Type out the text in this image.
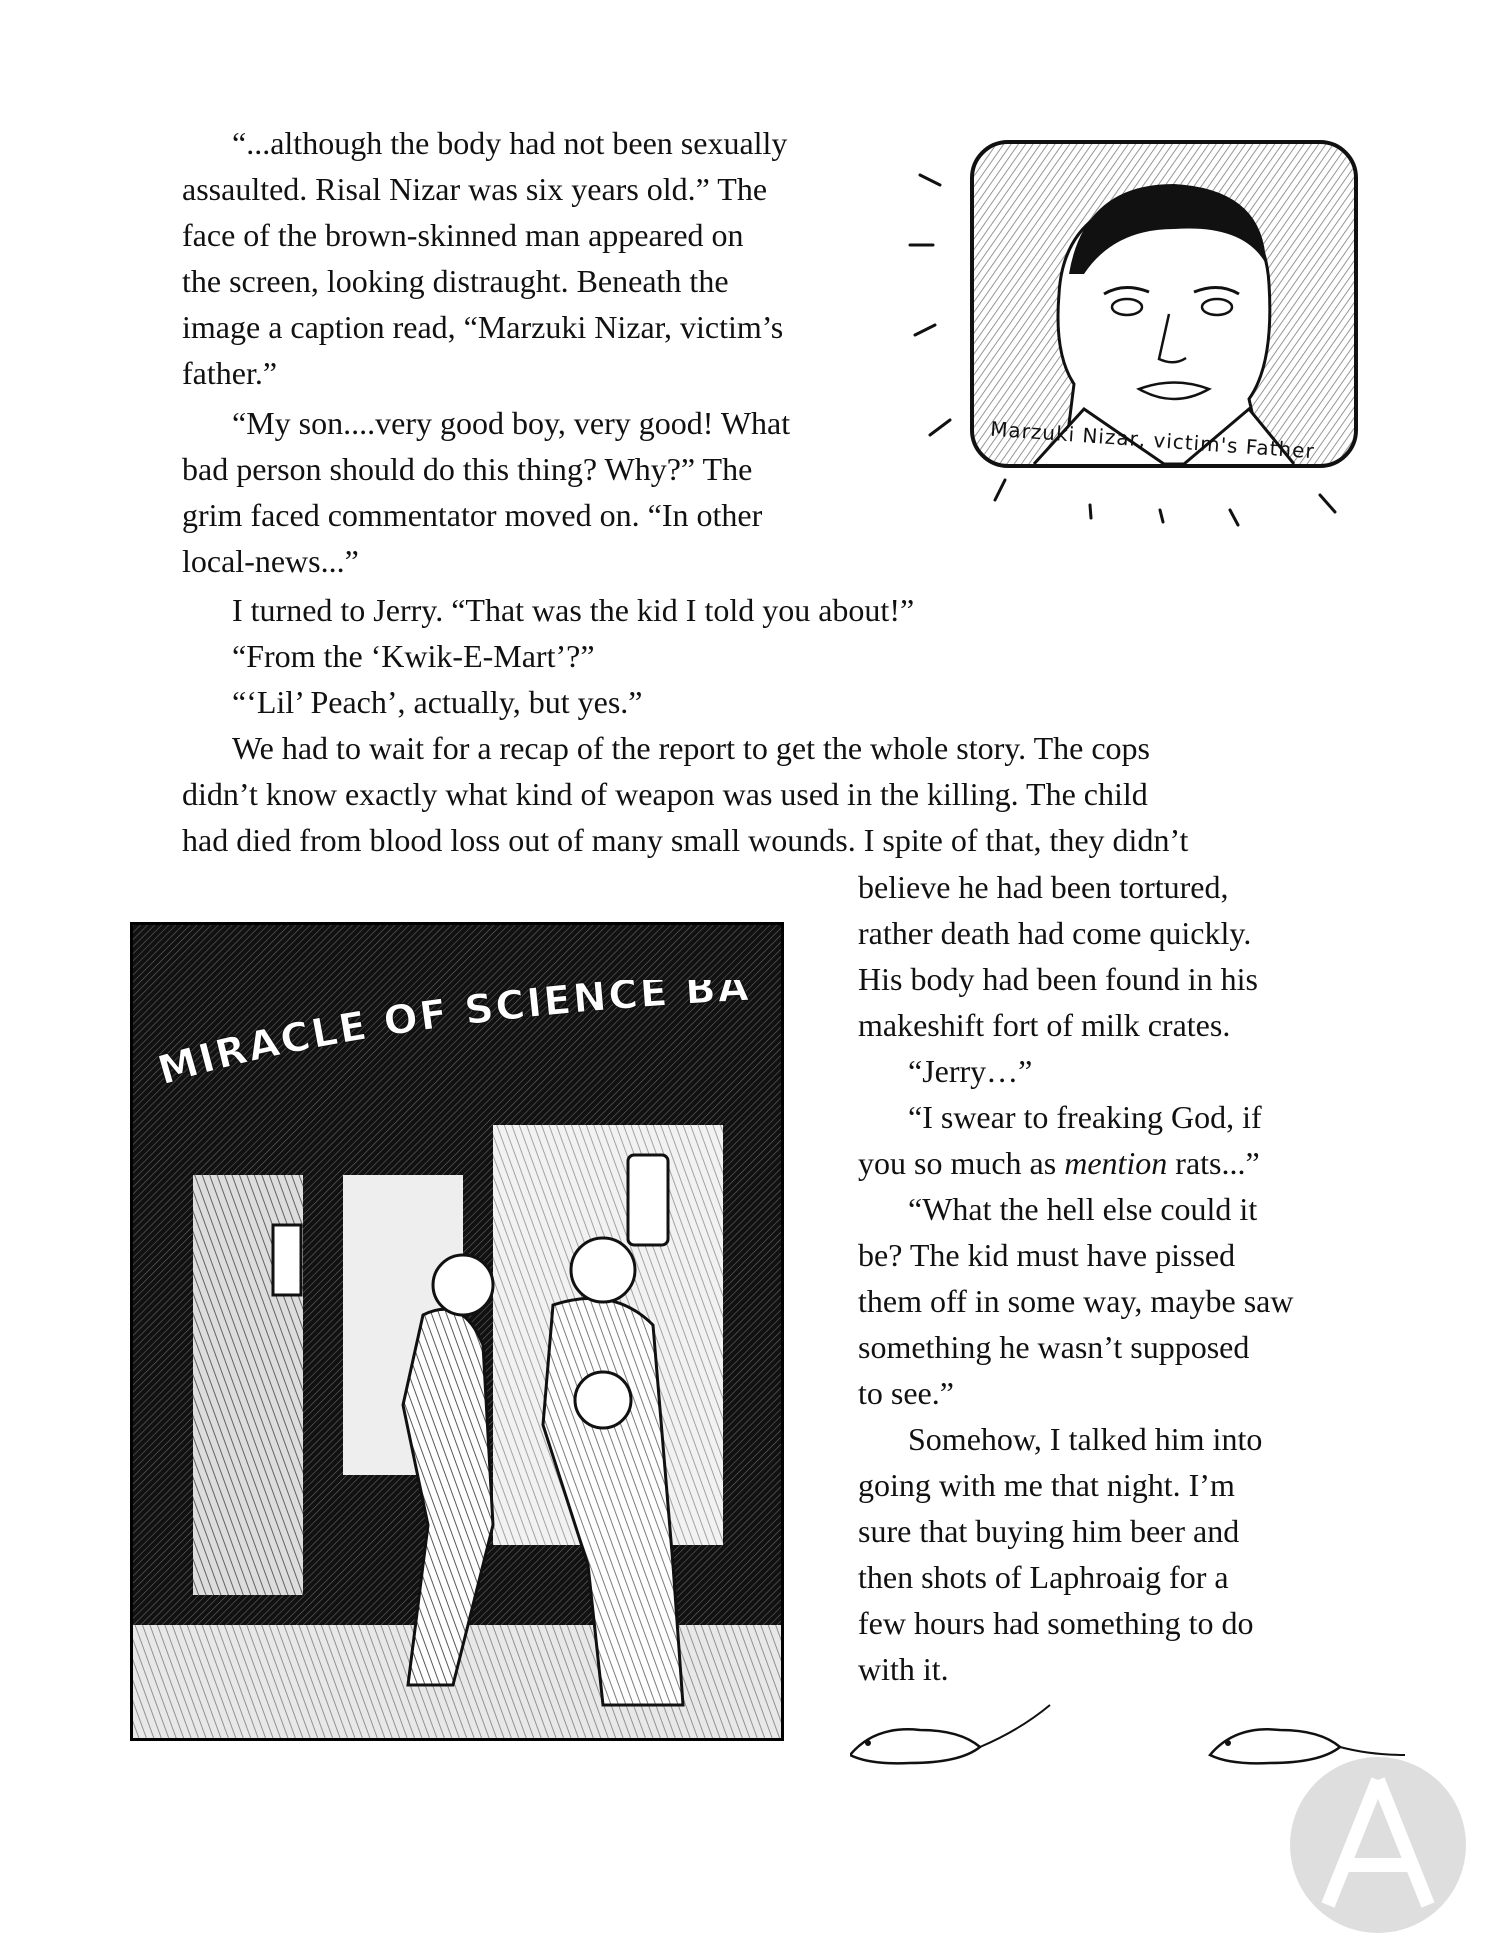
“...although the body had not been sexually
assaulted. Risal Nizar was six years old.” The
face of the brown-skinned man appeared on
the screen, looking distraught. Beneath the
image a caption read, “Marzuki Nizar, victim’s
father.”

“My son....very good boy, very good! What
bad person should do this thing? Why?” The
grim faced commentator moved on. “In other
local-news...”

I turned to Jerry. “That was the kid I told you about!”

“From the ‘Kwik-E-Mart’?”

“‘Lil’ Peach’, actually, but yes.”

We had to wait for a recap of the report to get the whole story. The cops
didn’t know exactly what kind of weapon was used in the killing. The child
had died from blood loss out of many small wounds. I spite of that, they didn’t

believe he had been tortured,
rather death had come quickly.
His body had been found in his
makeshift fort of milk crates.

“Jerry…”

“I swear to freaking God, if
you so much as mention rats...”

“What the hell else could it
be? The kid must have pissed
them off in some way, maybe saw
something he wasn’t supposed
to see.”

Somehow, I talked him into
going with me that night. I’m
sure that buying him beer and
then shots of Laphroaig for a
few hours had something to do
with it.

Marzuki Nizar, victim's Father
MIRACLE OF SCIENCE BA
